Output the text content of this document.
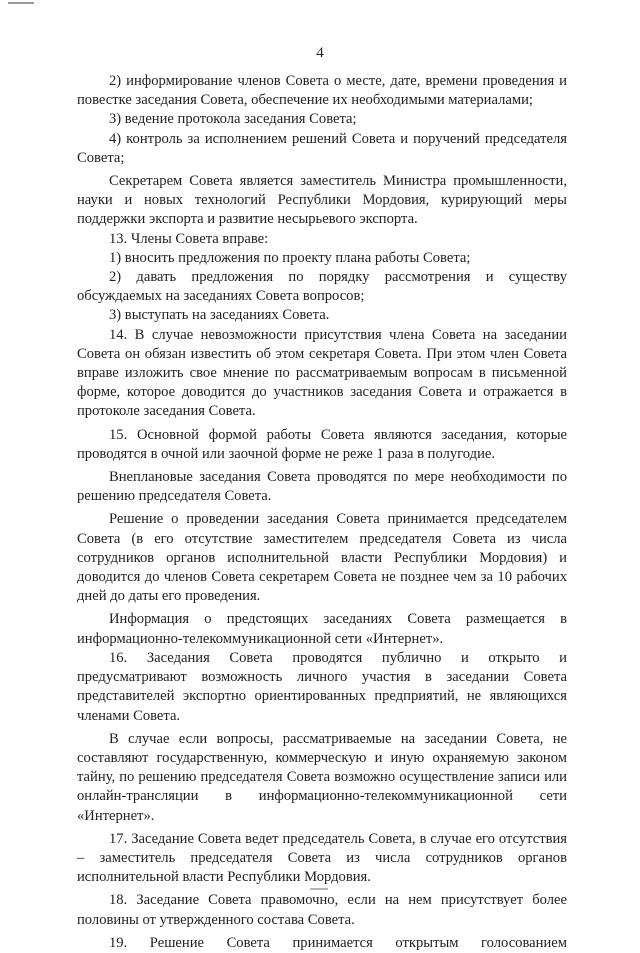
4

2) информирование членов Совета о месте, дате, времени проведения и повестке заседания Совета, обеспечение их необходимыми материалами;

3) ведение протокола заседания Совета;

4) контроль за исполнением решений Совета и поручений председателя Совета;

Секретарем Совета является заместитель Министра промышленности, науки и новых технологий Республики Мордовия, курирующий меры поддержки экспорта и развитие несырьевого экспорта.

13. Члены Совета вправе:

1) вносить предложения по проекту плана работы Совета;

2) давать предложения по порядку рассмотрения и существу обсуждаемых на заседаниях Совета вопросов;

3) выступать на заседаниях Совета.

14. В случае невозможности присутствия члена Совета на заседании Совета он обязан известить об этом секретаря Совета. При этом член Совета вправе изложить свое мнение по рассматриваемым вопросам в письменной форме, которое доводится до участников заседания Совета и отражается в протоколе заседания Совета.

15. Основной формой работы Совета являются заседания, которые проводятся в очной или заочной форме не реже 1 раза в полугодие.

Внеплановые заседания Совета проводятся по мере необходимости по решению председателя Совета.

Решение о проведении заседания Совета принимается председателем Совета (в его отсутствие заместителем председателя Совета из числа сотрудников органов исполнительной власти Республики Мордовия) и доводится до членов Совета секретарем Совета не позднее чем за 10 рабочих дней до даты его проведения.

Информация о предстоящих заседаниях Совета размещается в информационно-телекоммуникационной сети «Интернет».

16. Заседания Совета проводятся публично и открыто и предусматривают возможность личного участия в заседании Совета представителей экспортно ориентированных предприятий, не являющихся членами Совета.

В случае если вопросы, рассматриваемые на заседании Совета, не составляют государственную, коммерческую и иную охраняемую законом тайну, по решению председателя Совета возможно осуществление записи или онлайн-трансляции в информационно-телекоммуникационной сети «Интернет».

17. Заседание Совета ведет председатель Совета, в случае его отсутствия – заместитель председателя Совета из числа сотрудников органов исполнительной власти Республики Мордовия.

18. Заседание Совета правомочно, если на нем присутствует более половины от утвержденного состава Совета.

19. Решение Совета принимается открытым голосованием
